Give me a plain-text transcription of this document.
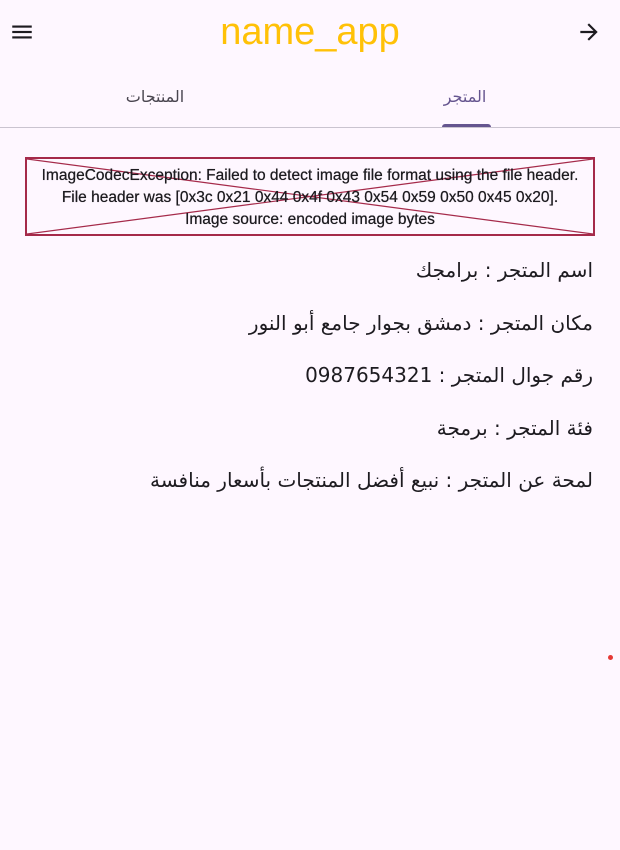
name_app
المتجر
المنتجات
ImageCodecException: Failed to detect image file format using the file header.
File header was [0x3c 0x21 0x44 0x4f 0x43 0x54 0x59 0x50 0x45 0x20].
Image source: encoded image bytes
اسم المتجر : برامجك
مكان المتجر : دمشق بجوار جامع أبو النور
رقم جوال المتجر : 0987654321
فئة المتجر : برمجة
لمحة عن المتجر : نبيع أفضل المنتجات بأسعار منافسة
